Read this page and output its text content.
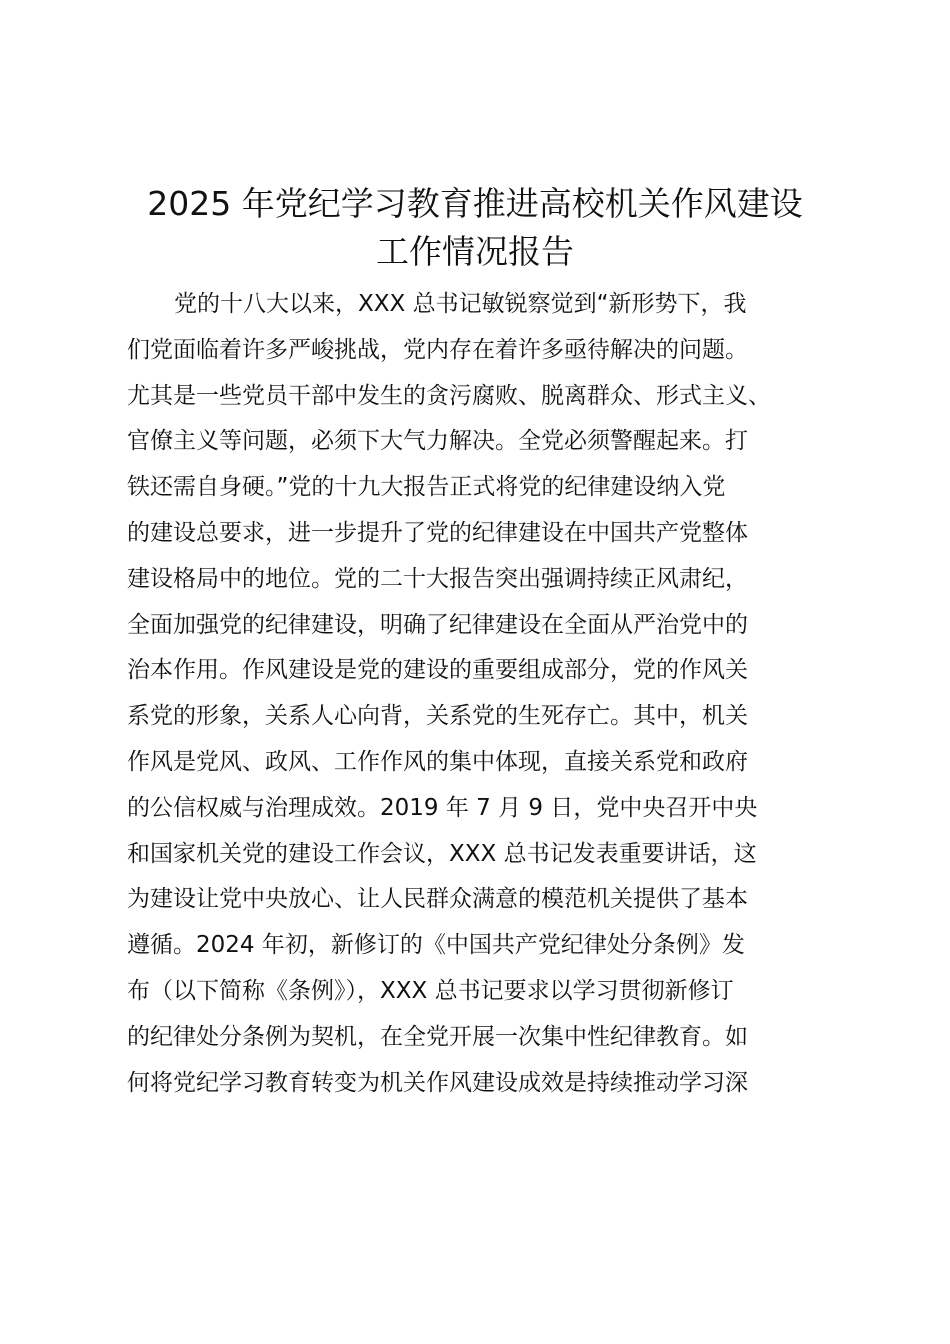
2025 年党纪学习教育推进高校机关作风建设
工作情况报告
党的十八大以来，XXX 总书记敏锐察觉到“新形势下，我
们党面临着许多严峻挑战，党内存在着许多亟待解决的问题。
尤其是一些党员干部中发生的贪污腐败、脱离群众、形式主义、
官僚主义等问题，必须下大气力解决。全党必须警醒起来。打
铁还需自身硬。”党的十九大报告正式将党的纪律建设纳入党
的建设总要求，进一步提升了党的纪律建设在中国共产党整体
建设格局中的地位。党的二十大报告突出强调持续正风肃纪，
全面加强党的纪律建设，明确了纪律建设在全面从严治党中的
治本作用。作风建设是党的建设的重要组成部分，党的作风关
系党的形象，关系人心向背，关系党的生死存亡。其中，机关
作风是党风、政风、工作作风的集中体现，直接关系党和政府
的公信权威与治理成效。2019 年 7 月 9 日，党中央召开中央
和国家机关党的建设工作会议，XXX 总书记发表重要讲话，这
为建设让党中央放心、让人民群众满意的模范机关提供了基本
遵循。2024 年初，新修订的《中国共产党纪律处分条例》发
布（以下简称《条例》），XXX 总书记要求以学习贯彻新修订
的纪律处分条例为契机，在全党开展一次集中性纪律教育。如
何将党纪学习教育转变为机关作风建设成效是持续推动学习深
